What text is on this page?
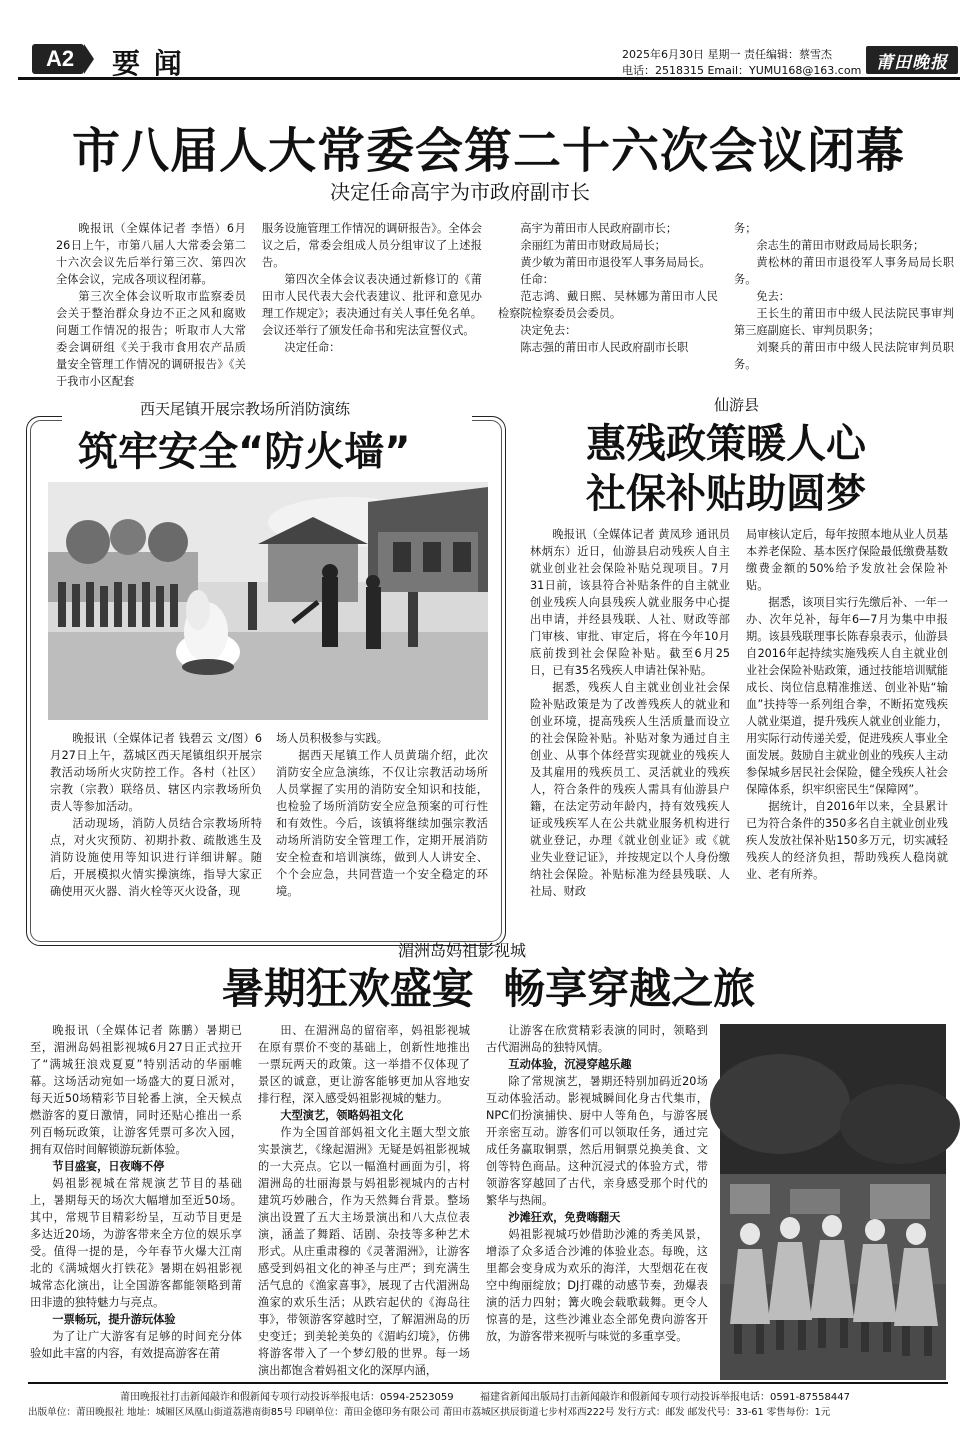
A2 要 闻	2025年6月30日 星期一 责任编辑：蔡雪杰
电话：2518315 Email：YUMU168@163.com 莆田晚报
市八届人大常委会第二十六次会议闭幕
决定任命高宇为市政府副市长

晚报讯（全媒体记者 李悟）6月26日上午，市第八届人大常委会第二十六次会议先后举行第三次、第四次全体会议，完成各项议程闭幕。

第三次全体会议听取市监察委员会关于整治群众身边不正之风和腐败问题工作情况的报告；听取市人大常委会调研组《关于我市食用农产品质量安全管理工作情况的调研报告》《关于我市小区配套

服务设施管理工作情况的调研报告》。全体会议之后，常委会组成人员分组审议了上述报告。

第四次全体会议表决通过新修订的《莆田市人民代表大会代表建议、批评和意见办理工作规定》；表决通过有关人事任免名单。会议还举行了颁发任命书和宪法宣誓仪式。

决定任命：

高宇为莆田市人民政府副市长；

余丽红为莆田市财政局局长；

黄少敏为莆田市退役军人事务局局长。

任命：

范志鸿、戴日熙、吴林娜为莆田市人民检察院检察委员会委员。

决定免去：

陈志强的莆田市人民政府副市长职

务；

余志生的莆田市财政局局长职务；

黄松林的莆田市退役军人事务局局长职务。

免去：

王长生的莆田市中级人民法院民事审判第三庭副庭长、审判员职务；

刘聚兵的莆田市中级人民法院审判员职务。

西天尾镇开展宗教场所消防演练
筑牢安全“防火墙”

晚报讯（全媒体记者 钱碧云 文/图）6月27日上午，荔城区西天尾镇组织开展宗教活动场所火灾防控工作。各村（社区）宗教（宗教）联络员、辖区内宗教场所负责人等参加活动。

活动现场，消防人员结合宗教场所特点，对火灾预防、初期扑救、疏散逃生及消防设施使用等知识进行详细讲解。随后，开展模拟火情实操演练，指导大家正确使用灭火器、消火栓等灭火设备，现

场人员积极参与实践。

据西天尾镇工作人员黄瑞介绍，此次消防安全应急演练，不仅让宗教活动场所人员掌握了实用的消防安全知识和技能，也检验了场所消防安全应急预案的可行性和有效性。今后，该镇将继续加强宗教活动场所消防安全管理工作，定期开展消防安全检查和培训演练，做到人人讲安全、个个会应急，共同营造一个安全稳定的环境。

仙游县
惠残政策暖人心
社保补贴助圆梦

晚报讯（全媒体记者 黄凤珍 通讯员 林炳东）近日，仙游县启动残疾人自主就业创业社会保险补贴兑现项目。7月31日前，该县符合补贴条件的自主就业创业残疾人向县残疾人就业服务中心提出申请，并经县残联、人社、财政等部门审核、审批、审定后，将在今年10月底前拨到社会保险补贴。截至6月25日，已有35名残疾人申请社保补贴。

据悉，残疾人自主就业创业社会保险补贴政策是为了改善残疾人的就业和创业环境，提高残疾人生活质量而设立的社会保险补贴。补贴对象为通过自主创业、从事个体经营实现就业的残疾人及其雇用的残疾员工、灵活就业的残疾人，符合条件的残疾人需具有仙游县户籍，在法定劳动年龄内，持有效残疾人证或残疾军人在公共就业服务机构进行就业登记，办理《就业创业证》或《就业失业登记证》，并按规定以个人身份缴纳社会保险。补贴标准为经县残联、人社局、财政

局审核认定后，每年按照本地从业人员基本养老保险、基本医疗保险最低缴费基数缴费金额的50%给予发放社会保险补贴。

据悉，该项目实行先缴后补、一年一办、次年兑补，每年6—7月为集中申报期。该县残联理事长陈春泉表示，仙游县自2016年起持续实施残疾人自主就业创业社会保险补贴政策，通过技能培训赋能成长、岗位信息精准推送、创业补贴“输血”扶持等一系列组合拳，不断拓宽残疾人就业渠道，提升残疾人就业创业能力，用实际行动传递关爱，促进残疾人事业全面发展。鼓励自主就业创业的残疾人主动参保城乡居民社会保险，健全残疾人社会保障体系，织牢织密民生“保障网”。

据统计，自2016年以来，全县累计已为符合条件的350多名自主就业创业残疾人发放社保补贴150多万元，切实减轻残疾人的经济负担，帮助残疾人稳岗就业、老有所养。

湄洲岛妈祖影视城
暑期狂欢盛宴  畅享穿越之旅

晚报讯（全媒体记者 陈鹏）暑期已至，湄洲岛妈祖影视城6月27日正式拉开了“满城狂浪戏夏夏”特别活动的华丽帷幕。这场活动宛如一场盛大的夏日派对，每天近50场精彩节目轮番上演，全天候点燃游客的夏日激情，同时还贴心推出一系列百畅玩政策，让游客凭票可多次入园，拥有双倍时间解锁游玩新体验。

节目盛宴，日夜嗨不停

妈祖影视城在常规演艺节目的基础上，暑期每天的场次大幅增加至近50场。其中，常规节目精彩纷呈，互动节目更是多达近20场，为游客带来全方位的娱乐享受。值得一提的是，今年春节火爆大江南北的《满城烟火打铁花》暑期在妈祖影视城常态化演出，让全国游客都能领略到莆田非遗的独特魅力与亮点。

一票畅玩，提升游玩体验

为了让广大游客有足够的时间充分体验如此丰富的内容，有效提高游客在莆

田、在湄洲岛的留宿率，妈祖影视城在原有票价不变的基础上，创新性地推出一票玩两天的政策。这一举措不仅体现了景区的诚意，更让游客能够更加从容地安排行程，深入感受妈祖影视城的魅力。

大型演艺，领略妈祖文化

作为全国首部妈祖文化主题大型文旅实景演艺，《缘起湄洲》无疑是妈祖影视城的一大亮点。它以一幅渔村画面为引，将湄洲岛的壮丽海景与妈祖影视城内的古村建筑巧妙融合，作为天然舞台背景。整场演出设置了五大主场景演出和八大点位表演，涵盖了舞蹈、话剧、杂技等多种艺术形式。从庄重肃穆的《灵著湄洲》，让游客感受到妈祖文化的神圣与庄严；到充满生活气息的《渔家喜事》，展现了古代湄洲岛渔家的欢乐生活；从跌宕起伏的《海岛往事》，带领游客穿越时空，了解湄洲岛的历史变迁；到美轮美奂的《湄屿幻境》，仿佛将游客带入了一个梦幻般的世界。每一场演出都饱含着妈祖文化的深厚内涵，

让游客在欣赏精彩表演的同时，领略到古代湄洲岛的独特风情。

互动体验，沉浸穿越乐趣

除了常规演艺，暑期还特别加码近20场互动体验活动。影视城瞬间化身古代集市，NPC们扮演捕快、厨中人等角色，与游客展开亲密互动。游客们可以领取任务，通过完成任务赢取铜票，然后用铜票兑换美食、文创等特色商品。这种沉浸式的体验方式，带领游客穿越回了古代，亲身感受那个时代的繁华与热闹。

沙滩狂欢，免费嗨翻天

妈祖影视城巧妙借助沙滩的秀美风景，增添了众多适合沙滩的体验业态。每晚，这里都会变身成为欢乐的海洋，大型烟花在夜空中绚丽绽放；DJ打碟的动感节奏，劲爆表演的活力四射；篝火晚会载歌载舞。更令人惊喜的是，这些沙滩业态全部免费向游客开放，为游客带来视听与味觉的多重享受。

莆田晚报社打击新闻敲诈和假新闻专项行动投诉举报电话：0594-2523059	福建省新闻出版局打击新闻敲诈和假新闻专项行动投诉举报电话：0591-87558447
出版单位：莆田晚报社 地址：城厢区凤凰山街道荔港南街85号 印刷单位：莆田金德印务有限公司 莆田市荔城区拱辰街道七步村邓西222号 发行方式：邮发 邮发代号：33-61 零售每份：1元
